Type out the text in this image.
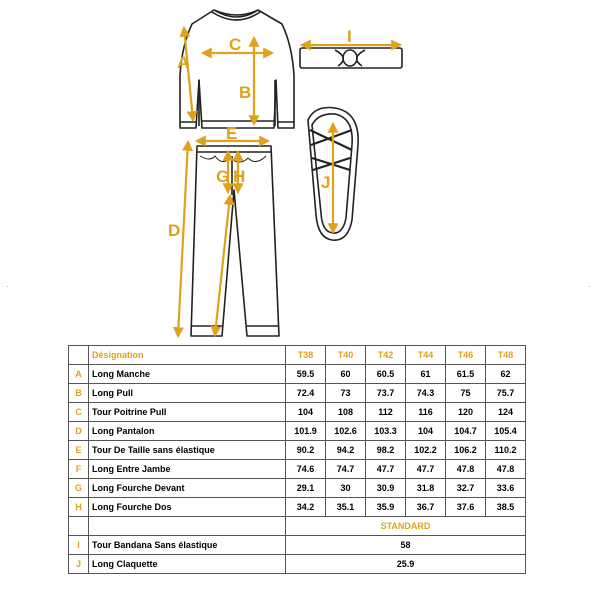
A
B
C
D
E
G H
I
J
·	·
	Désignation	T38	T40	T42	T44	T46	T48
A	Long Manche	59.5	60	60.5	61	61.5	62
B	Long Pull	72.4	73	73.7	74.3	75	75.7
C	Tour Poitrine Pull	104	108	112	116	120	124
D	Long Pantalon	101.9	102.6	103.3	104	104.7	105.4
E	Tour De Taille sans élastique	90.2	94.2	98.2	102.2	106.2	110.2
F	Long Entre Jambe	74.6	74.7	47.7	47.7	47.8	47.8
G	Long Fourche Devant	29.1	30	30.9	31.8	32.7	33.6
H	Long Fourche Dos	34.2	35.1	35.9	36.7	37.6	38.5
		STANDARD					
I	Tour Bandana Sans élastique	58					
J	Long Claquette	25.9					
